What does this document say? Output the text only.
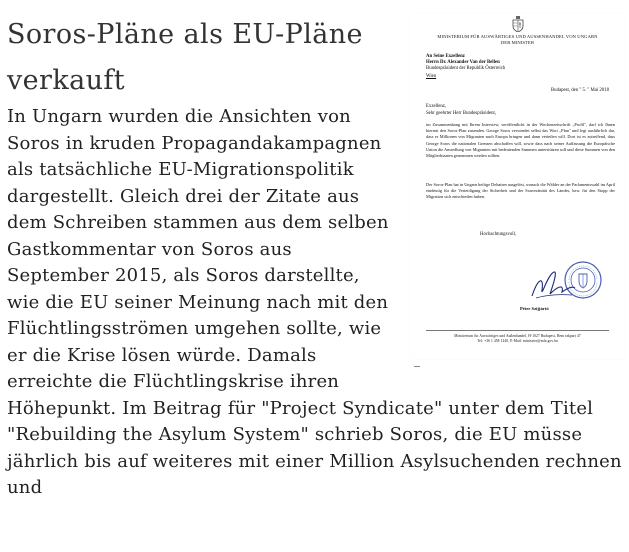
Soros-Pläne als EU-Pläne verkauft
MINISTERIUM FÜR AUSWÄRTIGES UND AUSSENHANDEL VON UNGARN
DER MINISTER
An Seine Exzellenz
Herrn Dr. Alexander Van der Bellen
Bundespräsident der Republik Österreich
Wien
Budapest, den " 5. " Mai 2018
Exzellenz,
Sehr geehrter Herr Bundespräsident,

im Zusammenhang mit Ihrem Interview, veröffentlicht in der Wochenzeitschrift „Profil", darf ich Ihnen hiermit den Soros-Plan zusenden. George Soros verwendet selbst das Wort „Plan" und legt ausführlich dar, dass er Millionen von Migranten nach Europa bringen und dann verteilen will. Dort ist es zutreffend, dass George Soros die nationalen Grenzen abschaffen will, sowie dass nach seiner Auffassung die Europäische Union die Ansiedlung von Migranten mit bedeutenden Summen unterstützen soll und diese Summen von den Mitgliedstaaten genommen werden sollten.

Der Soros-Plan hat in Ungarn heftige Debatten ausgelöst, wonach die Wähler an der Parlamentswahl im April eindeutig für die Verteidigung der Sicherheit und der Souveränität des Landes, bzw. für den Stopp der Migration sich entschieden haben.

Hochachtungsvoll,
Péter Szijjártó
Ministerium für Auswärtiges und Außenhandel, H-1027 Budapest, Bem rakpart 47
Tel: +36 1 458 1240, E-Mail: miniszter@mfa.gov.hu

In Ungarn wurden die Ansichten von Soros in kruden Propagandakampagnen als tatsächliche EU-Migrationspolitik dargestellt. Gleich drei der Zitate aus dem Schreiben stammen aus dem selben Gastkommentar von Soros aus September 2015, als Soros darstellte, wie die EU seiner Meinung nach mit den Flüchtlingsströmen umgehen sollte, wie er die Krise lösen würde. Damals erreichte die Flüchtlingskrise ihren Höhepunkt. Im Beitrag für "Project Syndicate" unter dem Titel "Rebuilding the Asylum System" schrieb Soros, die EU müsse jährlich bis auf weiteres mit einer Million Asylsuchenden rechnen und
